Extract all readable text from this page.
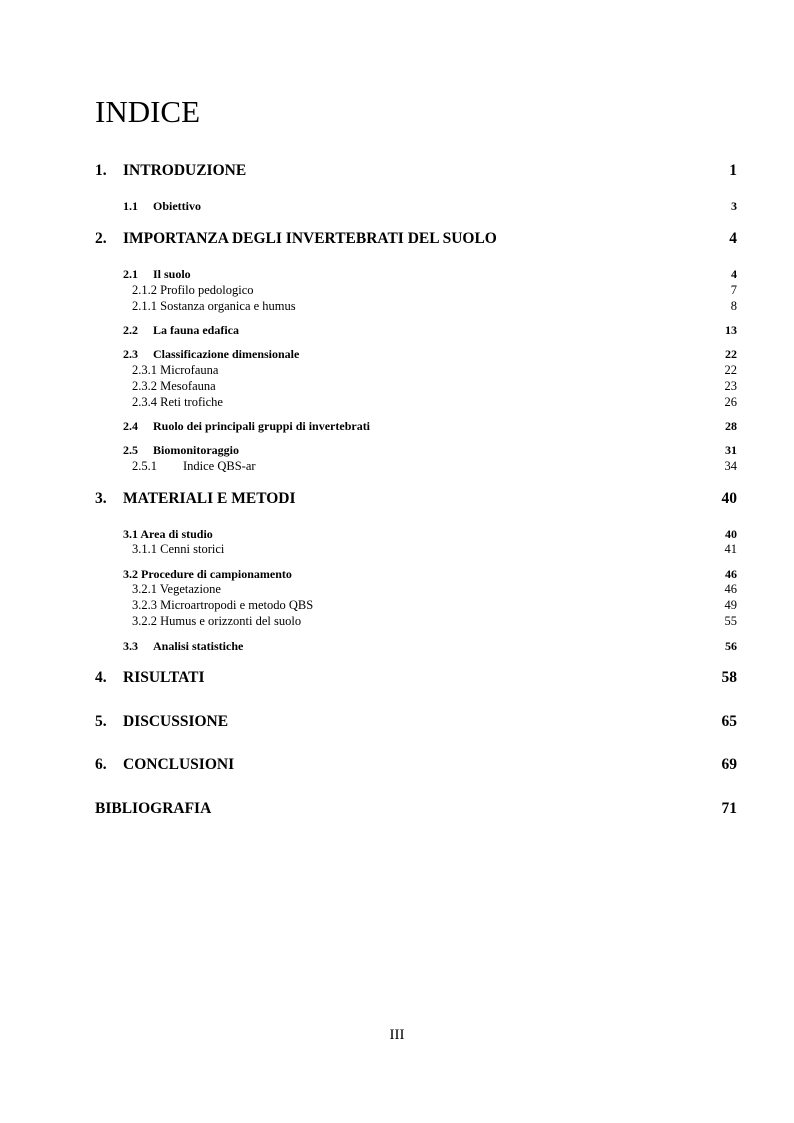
INDICE
1. INTRODUZIONE	1
1.1 Obiettivo	3
2. IMPORTANZA DEGLI INVERTEBRATI DEL SUOLO	4
2.1 Il suolo	4
2.1.2 Profilo pedologico	7
2.1.1 Sostanza organica e humus	8
2.2 La fauna edafica	13
2.3 Classificazione dimensionale	22
2.3.1 Microfauna	22
2.3.2 Mesofauna	23
2.3.4 Reti trofiche	26
2.4 Ruolo dei principali gruppi di invertebrati	28
2.5 Biomonitoraggio	31
2.5.1 Indice QBS-ar	34
3. MATERIALI E METODI	40
3.1 Area di studio	40
3.1.1 Cenni storici	41
3.2 Procedure di campionamento	46
3.2.1 Vegetazione	46
3.2.3 Microartropodi e metodo QBS	49
3.2.2 Humus e orizzonti del suolo	55
3.3 Analisi statistiche	56
4. RISULTATI	58
5. DISCUSSIONE	65
6. CONCLUSIONI	69
BIBLIOGRAFIA	71
III
